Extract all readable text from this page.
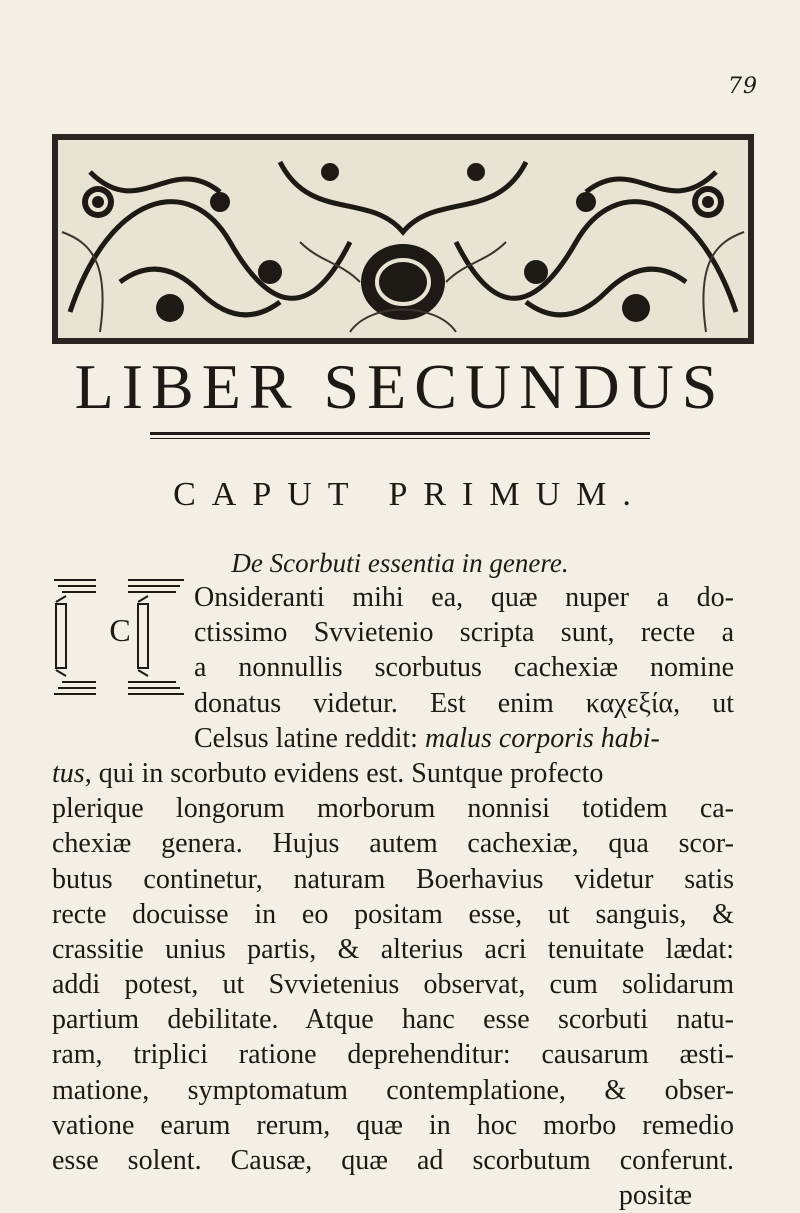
79
LIBER SECUNDUS
CAPUT PRIMUM.
De Scorbuti essentia in genere.
C
Onsideranti mihi ea, quæ nuper a do-
ctissimo Svvietenio scripta sunt, recte a
a nonnullis scorbutus cachexiæ nomine
donatus videtur. Est enim καχεξία, ut
Celsus latine reddit: malus corporis habi-
tus, qui in scorbuto evidens est. Suntque profecto
plerique longorum morborum nonnisi totidem ca-
chexiæ genera. Hujus autem cachexiæ, qua scor-
butus continetur, naturam Boerhavius videtur satis
recte docuisse in eo positam esse, ut sanguis, &
crassitie unius partis, & alterius acri tenuitate lædat:
addi potest, ut Svvietenius observat, cum solidarum
partium debilitate. Atque hanc esse scorbuti natu-
ram, triplici ratione deprehenditur: causarum æsti-
matione, symptomatum contemplatione, & obser-
vatione earum rerum, quæ in hoc morbo remedio
esse solent. Causæ, quæ ad scorbutum conferunt.
positæ
